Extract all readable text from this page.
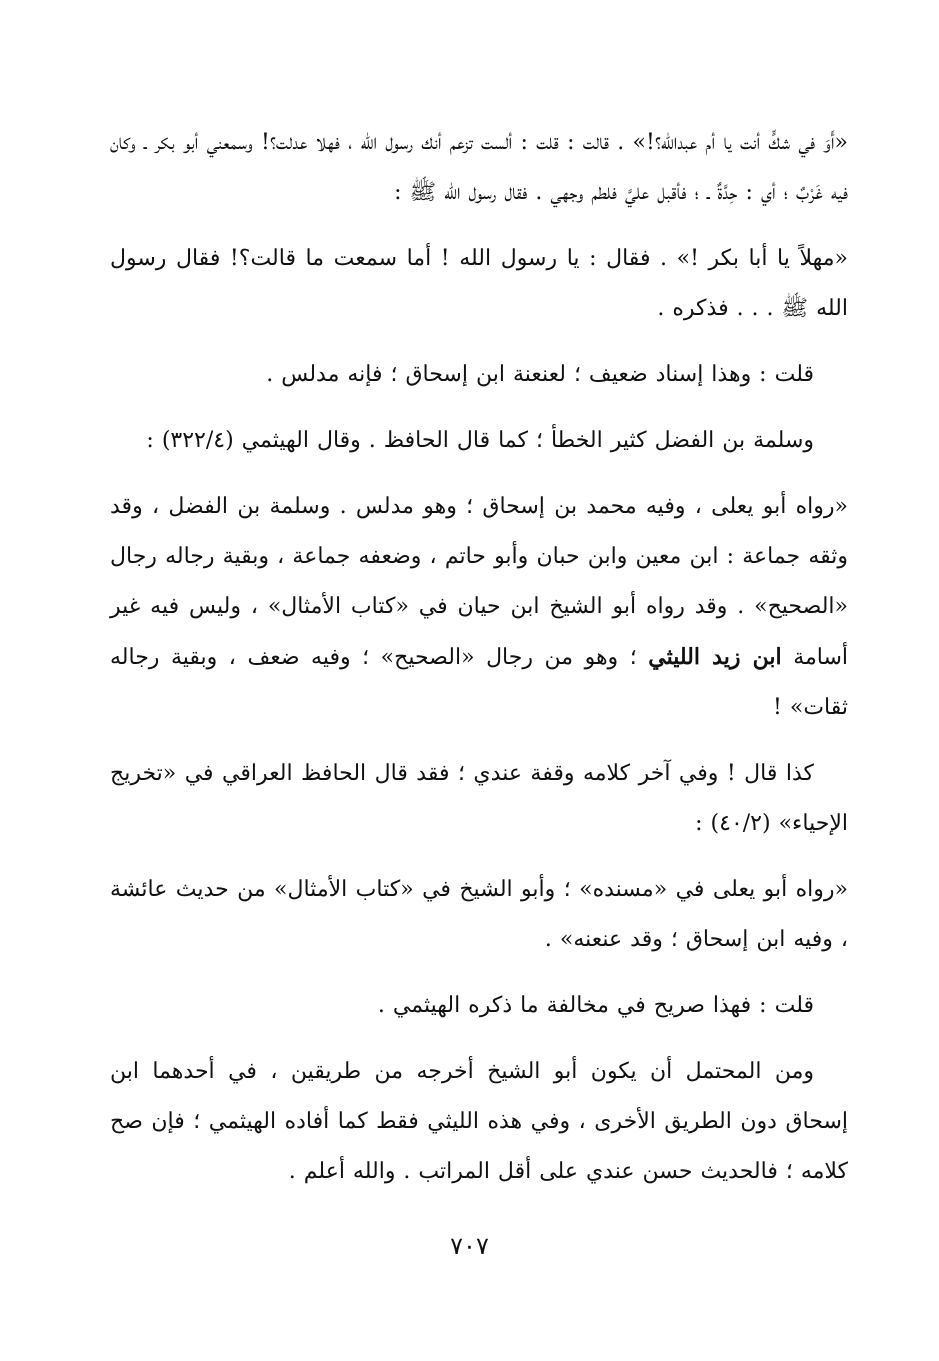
«أَوَ في شكٍّ أنت يا أم عبدالله؟!» . قالت : قلت : ألست تزعم أنك رسول الله ، فهلا عدلت؟! وسمعني أبو بكر ـ وكان فيه غَرْبٌ ؛ أي : حِدَّةٌ ـ ؛ فأقبل عليَّ فلطم وجهي . فقال رسول الله ﷺ :

«مهلاً يا أبا بكر !» . فقال : يا رسول الله ! أما سمعت ما قالت؟! فقال رسول الله ﷺ . . . فذكره .

قلت : وهذا إسناد ضعيف ؛ لعنعنة ابن إسحاق ؛ فإنه مدلس .

وسلمة بن الفضل كثير الخطأ ؛ كما قال الحافظ . وقال الهيثمي (٣٢٢/٤) :

«رواه أبو يعلى ، وفيه محمد بن إسحاق ؛ وهو مدلس . وسلمة بن الفضل ، وقد وثقه جماعة : ابن معين وابن حبان وأبو حاتم ، وضعفه جماعة ، وبقية رجاله رجال «الصحيح» . وقد رواه أبو الشيخ ابن حيان في «كتاب الأمثال» ، وليس فيه غير أسامة ابن زيد الليثي ؛ وهو من رجال «الصحيح» ؛ وفيه ضعف ، وبقية رجاله ثقات» !

كذا قال ! وفي آخر كلامه وقفة عندي ؛ فقد قال الحافظ العراقي في «تخريج الإحياء» (٤٠/٢) :

«رواه أبو يعلى في «مسنده» ؛ وأبو الشيخ في «كتاب الأمثال» من حديث عائشة ، وفيه ابن إسحاق ؛ وقد عنعنه» .

قلت : فهذا صريح في مخالفة ما ذكره الهيثمي .

ومن المحتمل أن يكون أبو الشيخ أخرجه من طريقين ، في أحدهما ابن إسحاق دون الطريق الأخرى ، وفي هذه الليثي فقط كما أفاده الهيثمي ؛ فإن صح كلامه ؛ فالحديث حسن عندي على أقل المراتب . والله أعلم .

٧٠٧
